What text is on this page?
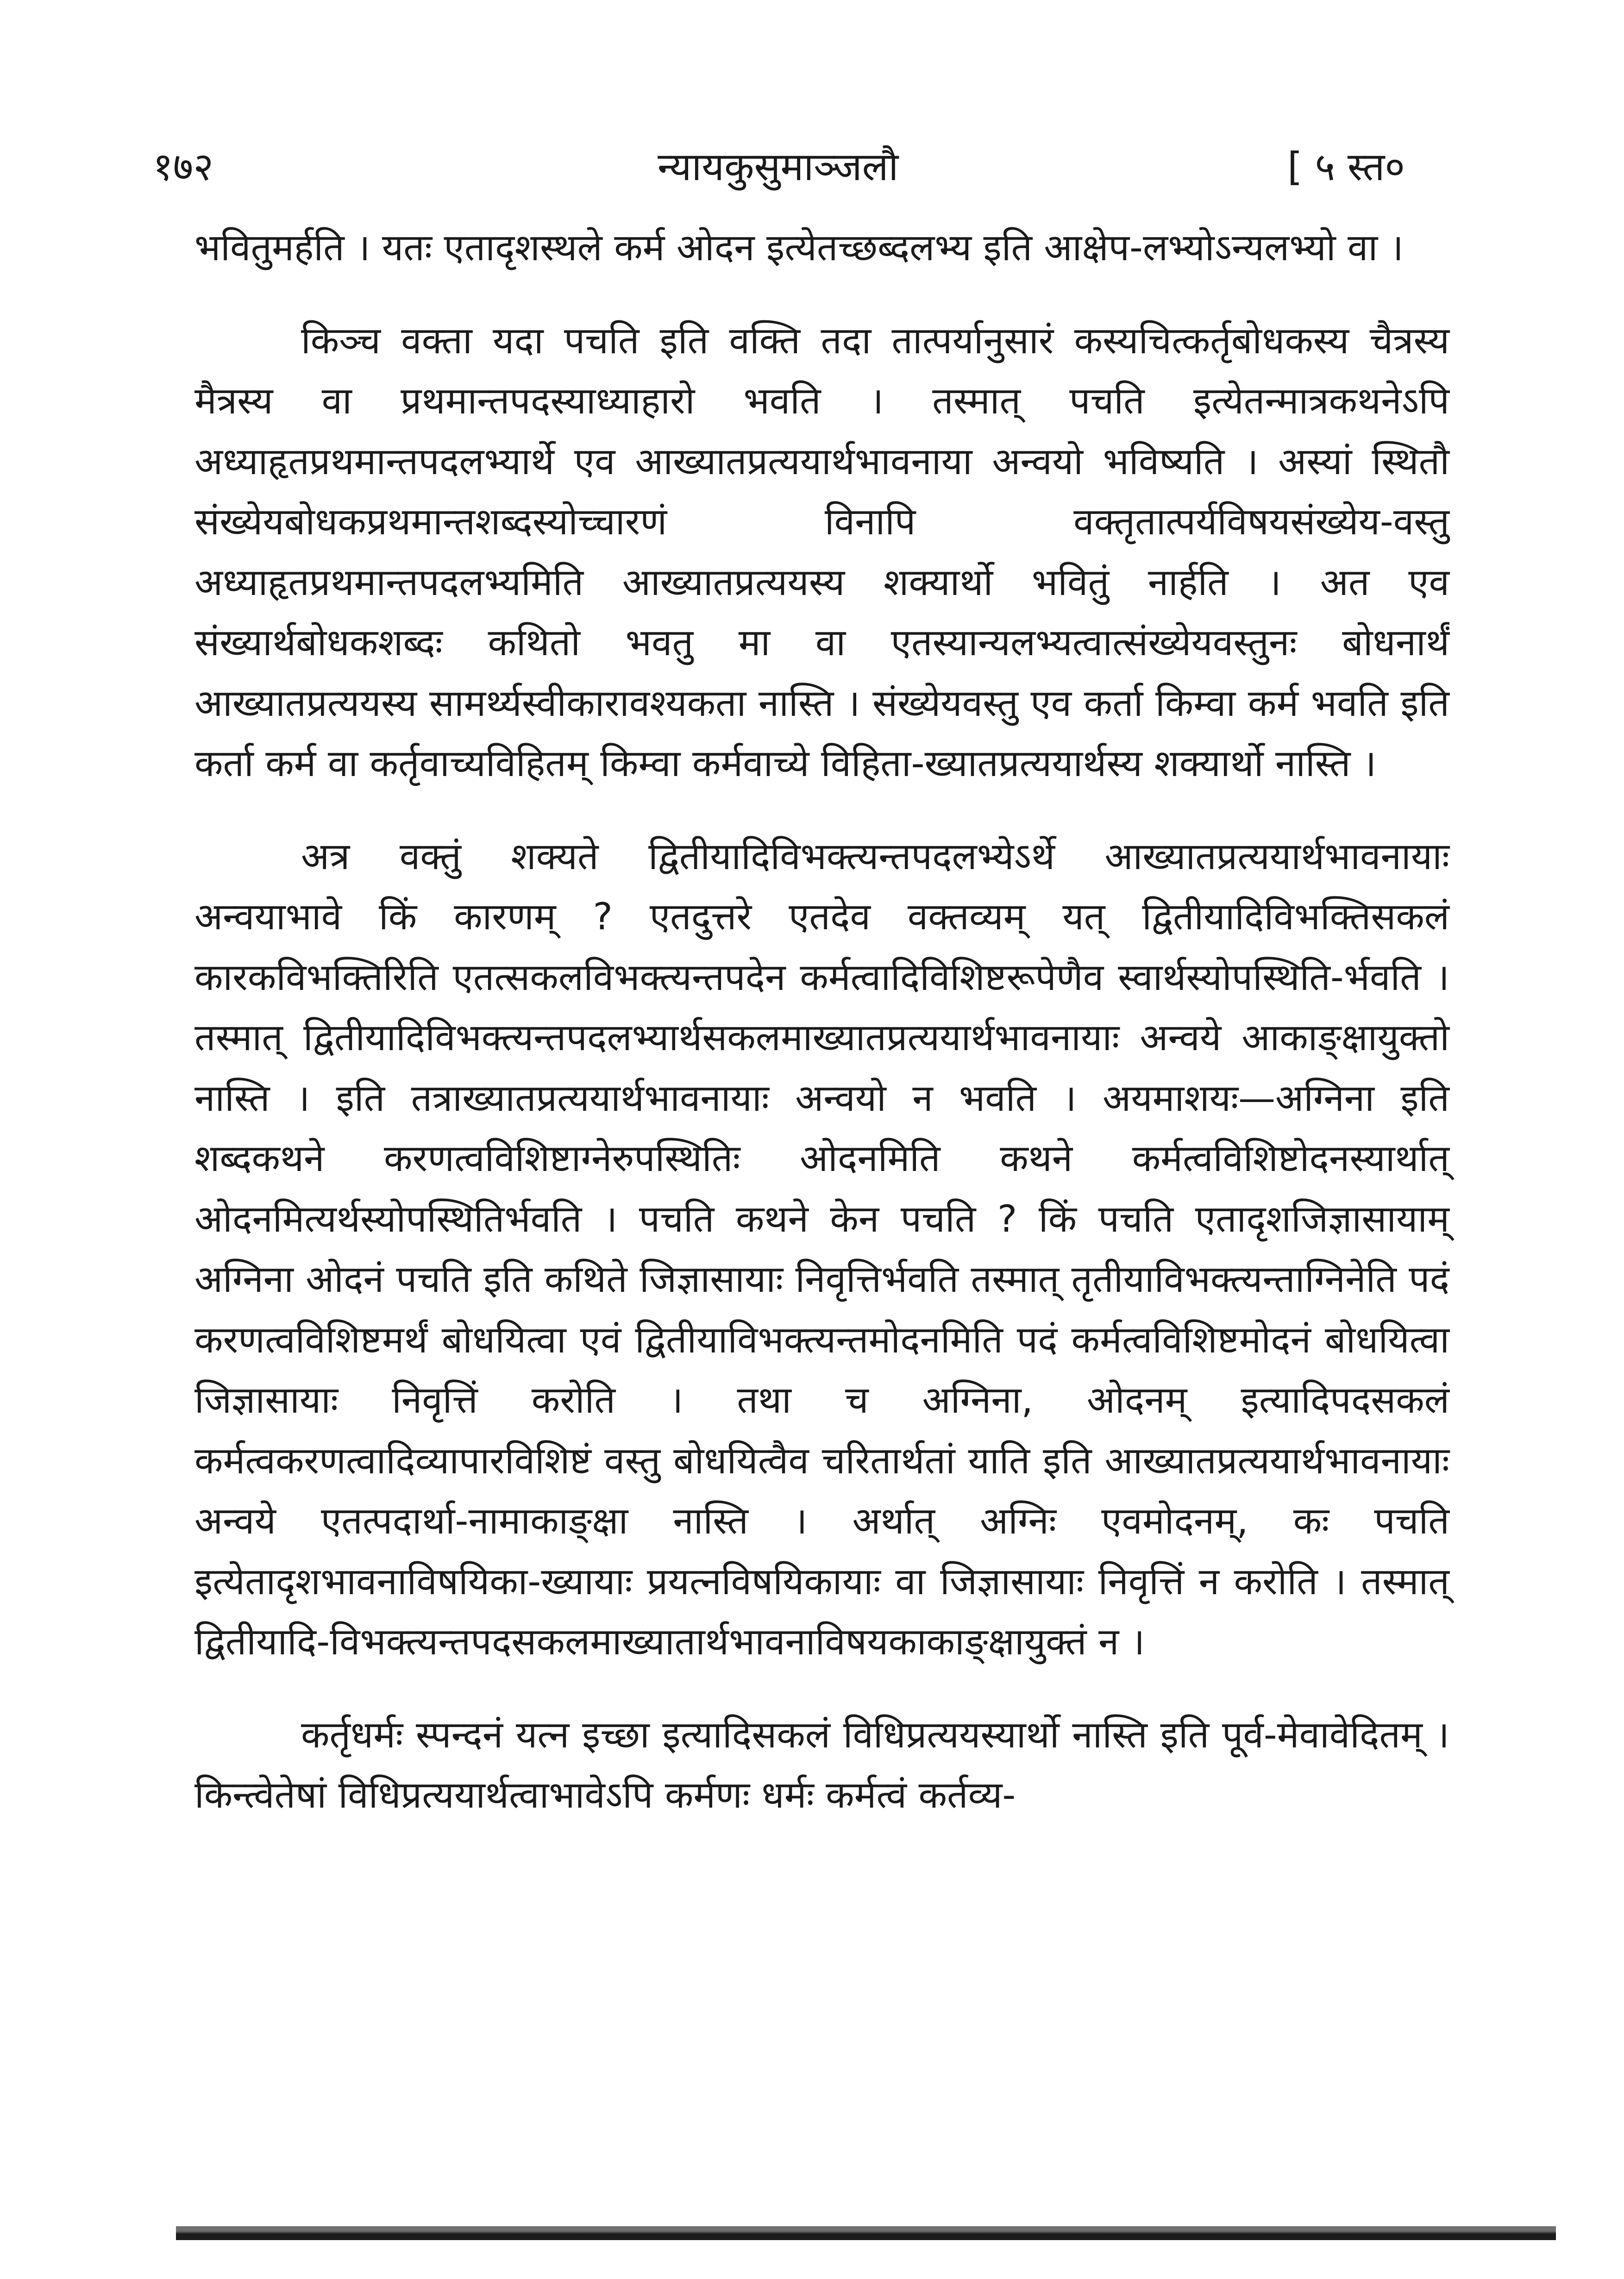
१७२	न्यायकुसुमाञ्जलौ	[ ५ स्त०

भवितुमर्हति । यतः एतादृशस्थले कर्म ओदन इत्येतच्छब्दलभ्य इति आक्षेप-लभ्योऽन्यलभ्यो वा ।

किञ्च वक्ता यदा पचति इति वक्ति तदा तात्पर्यानुसारं कस्यचित्कर्तृबोधकस्य चैत्रस्य मैत्रस्य वा प्रथमान्तपदस्याध्याहारो भवति । तस्मात् पचति इत्येतन्मात्रकथनेऽपि अध्याहृतप्रथमान्तपदलभ्यार्थे एव आख्यातप्रत्ययार्थभावनाया अन्वयो भविष्यति । अस्यां स्थितौ संख्येयबोधकप्रथमान्तशब्दस्योच्चारणं विनापि वक्तृतात्पर्यविषयसंख्येय-वस्तु अध्याहृतप्रथमान्तपदलभ्यमिति आख्यातप्रत्ययस्य शक्यार्थो भवितुं नार्हति । अत एव संख्यार्थबोधकशब्दः कथितो भवतु मा वा एतस्यान्यलभ्यत्वात्संख्येयवस्तुनः बोधनार्थं आख्यातप्रत्ययस्य सामर्थ्यस्वीकारावश्यकता नास्ति । संख्येयवस्तु एव कर्ता किम्वा कर्म भवति इति कर्ता कर्म वा कर्तृवाच्यविहितम् किम्वा कर्मवाच्ये विहिता-ख्यातप्रत्ययार्थस्य शक्यार्थो नास्ति ।

अत्र वक्तुं शक्यते द्वितीयादिविभक्त्यन्तपदलभ्येऽर्थे आख्यातप्रत्ययार्थभावनायाः अन्वयाभावे किं कारणम् ? एतदुत्तरे एतदेव वक्तव्यम् यत् द्वितीयादिविभक्तिसकलं कारकविभक्तिरिति एतत्सकलविभक्त्यन्तपदेन कर्मत्वादिविशिष्टरूपेणैव स्वार्थस्योपस्थिति-र्भवति । तस्मात् द्वितीयादिविभक्त्यन्तपदलभ्यार्थसकलमाख्यातप्रत्ययार्थभावनायाः अन्वये आकाङ्क्षायुक्तो नास्ति । इति तत्राख्यातप्रत्ययार्थभावनायाः अन्वयो न भवति । अयमाशयः—अग्निना इति शब्दकथने करणत्वविशिष्टाग्नेरुपस्थितिः ओदनमिति कथने कर्मत्वविशिष्टोदनस्यार्थात् ओदनमित्यर्थस्योपस्थितिर्भवति । पचति कथने केन पचति ? किं पचति एतादृशजिज्ञासायाम् अग्निना ओदनं पचति इति कथिते जिज्ञासायाः निवृत्तिर्भवति तस्मात् तृतीयाविभक्त्यन्ताग्निनेति पदं करणत्वविशिष्टमर्थं बोधयित्वा एवं द्वितीयाविभक्त्यन्तमोदनमिति पदं कर्मत्वविशिष्टमोदनं बोधयित्वा जिज्ञासायाः निवृत्तिं करोति । तथा च अग्निना, ओदनम् इत्यादिपदसकलं कर्मत्वकरणत्वादिव्यापारविशिष्टं वस्तु बोधयित्वैव चरितार्थतां याति इति आख्यातप्रत्ययार्थभावनायाः अन्वये एतत्पदार्था-नामाकाङ्क्षा नास्ति । अर्थात् अग्निः एवमोदनम्, कः पचति इत्येतादृशभावनाविषयिका-ख्यायाः प्रयत्नविषयिकायाः वा जिज्ञासायाः निवृत्तिं न करोति । तस्मात् द्वितीयादि-विभक्त्यन्तपदसकलमाख्यातार्थभावनाविषयकाकाङ्क्षायुक्तं न ।

कर्तृधर्मः स्पन्दनं यत्न इच्छा इत्यादिसकलं विधिप्रत्ययस्यार्थो नास्ति इति पूर्व-मेवावेदितम् । किन्त्वेतेषां विधिप्रत्ययार्थत्वाभावेऽपि कर्मणः धर्मः कर्मत्वं कर्तव्य-
